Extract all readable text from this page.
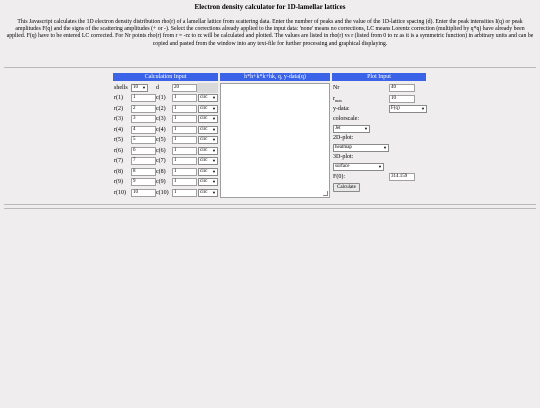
Electron density calculator for 1D-lamellar lattices
This Javascript calculates the 1D electron density distribution rho(r) of a lamellar lattice from scattering data. Enter the number of peaks and the value of the 1D-lattice spacing (d). Enter the peak intensities I(q) or peak amplitudes F(q) and the signs of the scattering amplitudes (+ or -). Select the corrections already applied to the input data: 'none' means no corrections, LC means Lorentz correction (multiplied by q*q) have already been applied. F(q) have to be entered LC corrected. For Nr points rho(r) from r = -rz to rz will be calculated and plotted. The values are listed in rho(r) vs r (listed from 0 to rz as it is a symmetric function) in arbitrary units and can be copied and pasted from the window into any text-file for further processing and graphical displaying.
Calculation Input	h*h+k*k+hk, q, y-data(q)	Plot Input
shells	10 ▼ d	20
r(1)	1	c(1)	1	circ ▼
r(2)	2	c(2)	1	circ ▼
r(3)	3	c(3)	1	circ ▼
r(4)	4	c(4)	1	circ ▼
r(5)	5	c(5)	1	circ ▼
r(6)	6	c(6)	1	circ ▼
r(7)	7	c(7)	1	circ ▼
r(8)	8	c(8)	1	circ ▼
r(9)	9	c(9)	1	circ ▼
r(10)	10	c(10)	1	circ ▼
Nr	40
$r_{max}$	10
y-data:	F(q)	▼
colorscale:
Jet	▼
2D-plot:
heatmap	▼
3D-plot:
surface	▼
F(0):	314.159
Calculate
